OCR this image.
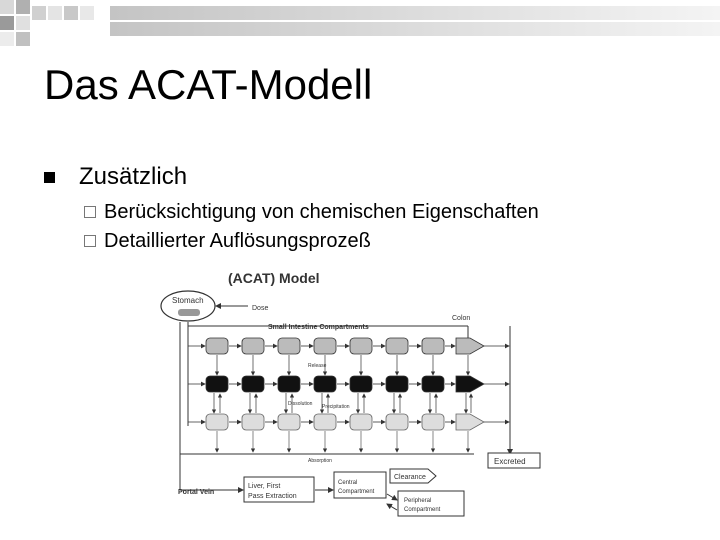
Das ACAT-Modell
Zusätzlich
Berücksichtigung von chemischen Eigenschaften
Detaillierter Auflösungsprozeß
(ACAT) Model
Stomach
Dose
Small Intestine Compartments
Colon
Release
Dissolution Precipitation
Absorption	Excreted
Portal Vein
Liver, First
Pass Extraction
Central
Compartment
Clearance
Peripheral
Compartment
